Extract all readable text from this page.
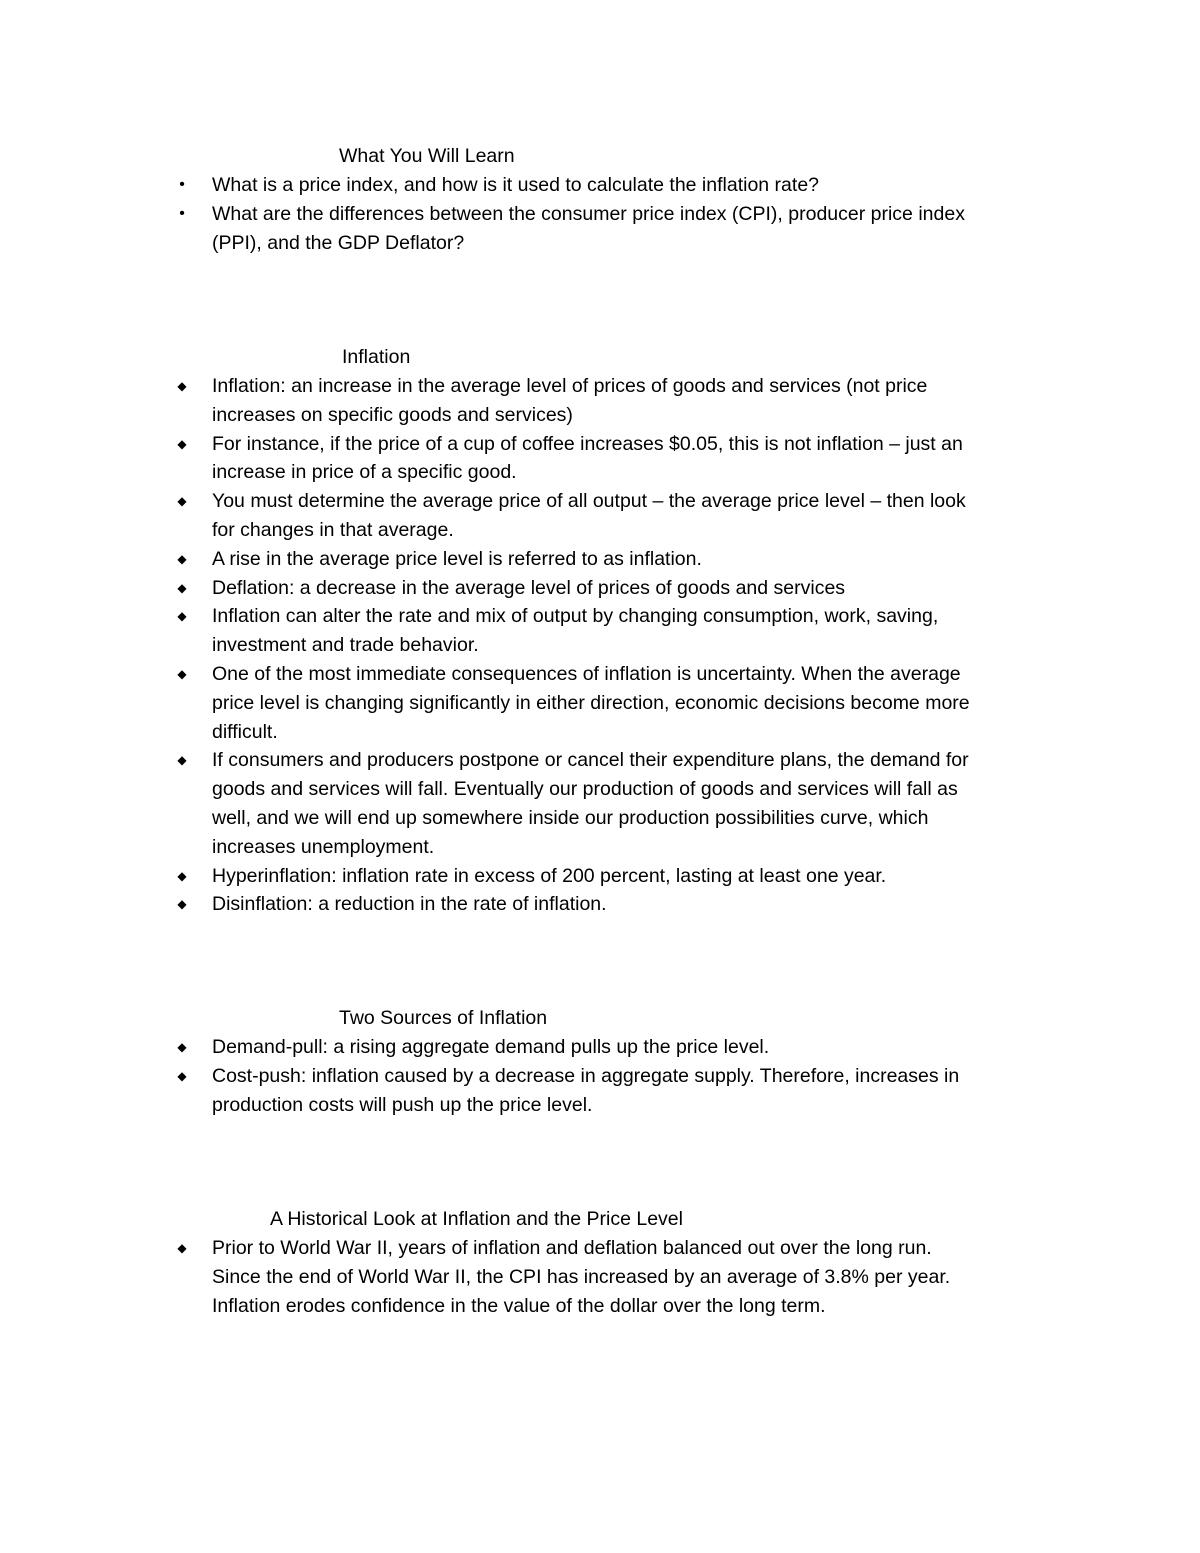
What You Will Learn
• What is a price index, and how is it used to calculate the inflation rate?
• What are the differences between the consumer price index (CPI), producer price index
(PPI), and the GDP Deflator?
Inflation
◆ Inflation: an increase in the average level of prices of goods and services (not price
increases on specific goods and services)
◆ For instance, if the price of a cup of coffee increases $0.05, this is not inflation – just an
increase in price of a specific good.
◆ You must determine the average price of all output – the average price level – then look
for changes in that average.
◆ A rise in the average price level is referred to as inflation.
◆ Deflation: a decrease in the average level of prices of goods and services
◆ Inflation can alter the rate and mix of output by changing consumption, work, saving,
investment and trade behavior.
◆ One of the most immediate consequences of inflation is uncertainty. When the average
price level is changing significantly in either direction, economic decisions become more
difficult.
◆ If consumers and producers postpone or cancel their expenditure plans, the demand for
goods and services will fall. Eventually our production of goods and services will fall as
well, and we will end up somewhere inside our production possibilities curve, which
increases unemployment.
◆ Hyperinflation: inflation rate in excess of 200 percent, lasting at least one year.
◆ Disinflation: a reduction in the rate of inflation.
Two Sources of Inflation
◆ Demand-pull: a rising aggregate demand pulls up the price level.
◆ Cost-push: inflation caused by a decrease in aggregate supply. Therefore, increases in
production costs will push up the price level.
A Historical Look at Inflation and the Price Level
◆ Prior to World War II, years of inflation and deflation balanced out over the long run.
Since the end of World War II, the CPI has increased by an average of 3.8% per year.
Inflation erodes confidence in the value of the dollar over the long term.
